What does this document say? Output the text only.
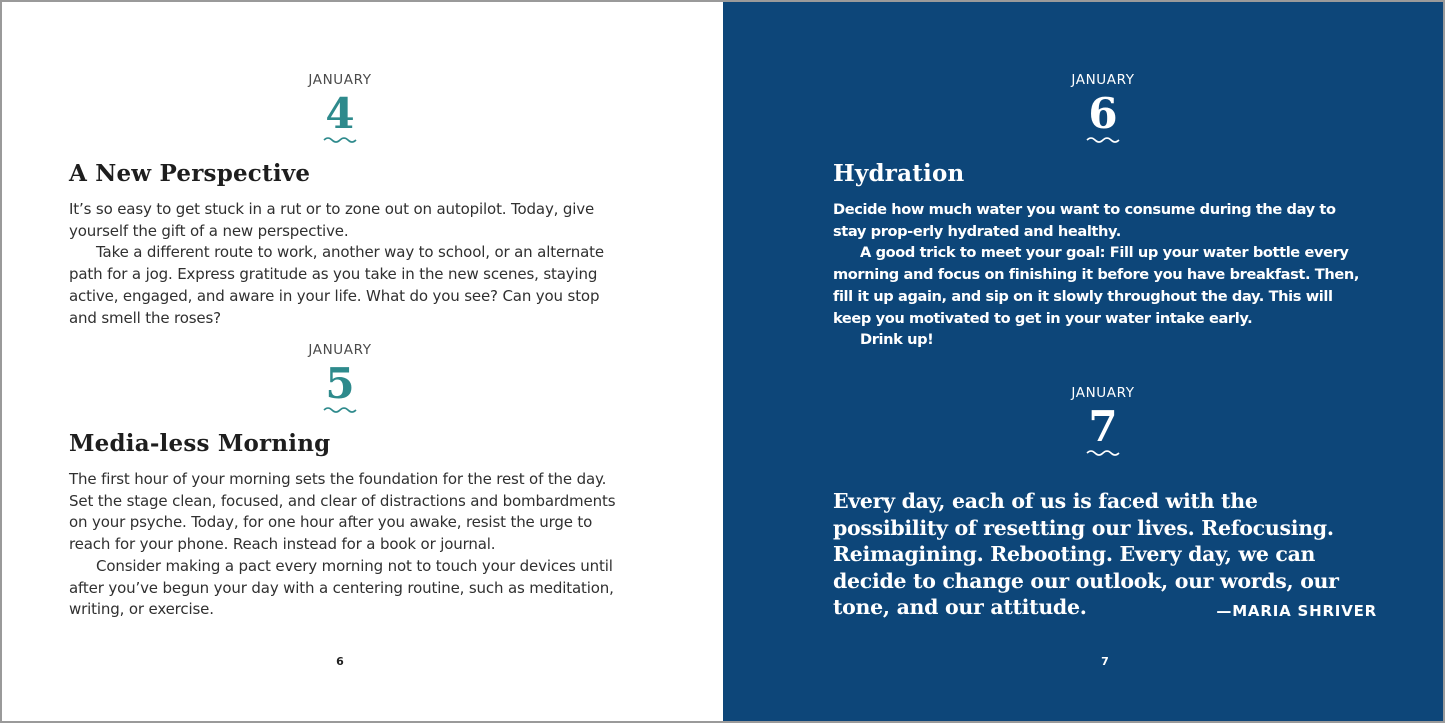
JANUARY
4
A New Perspective

It’s so easy to get stuck in a rut or to zone out on autopilot. Today, give yourself the gift of a new perspective.

Take a different route to work, another way to school, or an alternate path for a jog. Express gratitude as you take in the new scenes, staying active, engaged, and aware in your life. What do you see? Can you stop and smell the roses?

JANUARY
5
Media-less Morning

The first hour of your morning sets the foundation for the rest of the day. Set the stage clean, focused, and clear of distractions and bombardments on your psyche. Today, for one hour after you awake, resist the urge to reach for your phone. Reach instead for a book or journal.

Consider making a pact every morning not to touch your devices until after you’ve begun your day with a centering routine, such as meditation, writing, or exercise.

6
JANUARY
6
Hydration

Decide how much water you want to consume during the day to stay prop-erly hydrated and healthy.

A good trick to meet your goal: Fill up your water bottle every morning and focus on finishing it before you have breakfast. Then, fill it up again, and sip on it slowly throughout the day. This will keep you motivated to get in your water intake early.

Drink up!

JANUARY
7
Every day, each of us is faced with the possibility of resetting our lives. Refocusing. Reimagining. Rebooting. Every day, we can decide to change our outlook, our words, our tone, and our attitude.	—MARIA SHRIVER
7
